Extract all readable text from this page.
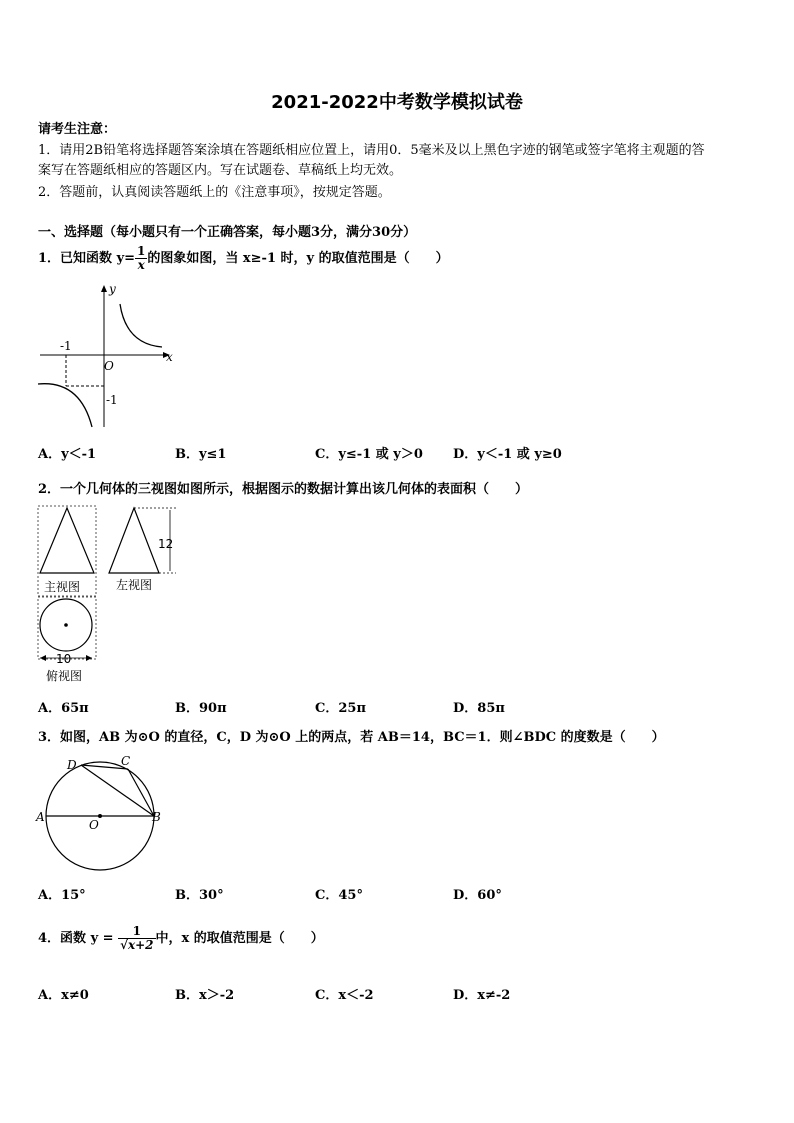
2021-2022中考数学模拟试卷
请考生注意：
1．请用2B铅笔将选择题答案涂填在答题纸相应位置上，请用0．5毫米及以上黑色字迹的钢笔或签字笔将主观题的答
案写在答题纸相应的答题区内。写在试题卷、草稿纸上均无效。
2．答题前，认真阅读答题纸上的《注意事项》，按规定答题。
一、选择题（每小题只有一个正确答案，每小题3分，满分30分）
1．已知函数 $y= \frac{1}{x}$ 的图象如图，当 x≥-1 时，y 的取值范围是（　　）
-1
-1
O
y
x
A．y＜-1	B．y≤1	C．y≤-1 或 y＞0 D．y＜-1 或 y≥0
2．一个几何体的三视图如图所示，根据图示的数据计算出该几何体的表面积（　　）
12
主视图	左视图
10
俯视图
A．65π	B．90π	C．25π	D．85π
3．如图，AB 为⊙O 的直径，C，D 为⊙O 上的两点，若 AB＝14，BC＝1．则∠BDC 的度数是（　　）
A	B
C
D
O
A．15°	B．30°	C．45°	D．60°
4．函数 $y = \frac{1}{√x+2}$ 中，x 的取值范围是（　　）
A．x≠0	B．x＞-2	C．x＜-2	D．x≠-2
